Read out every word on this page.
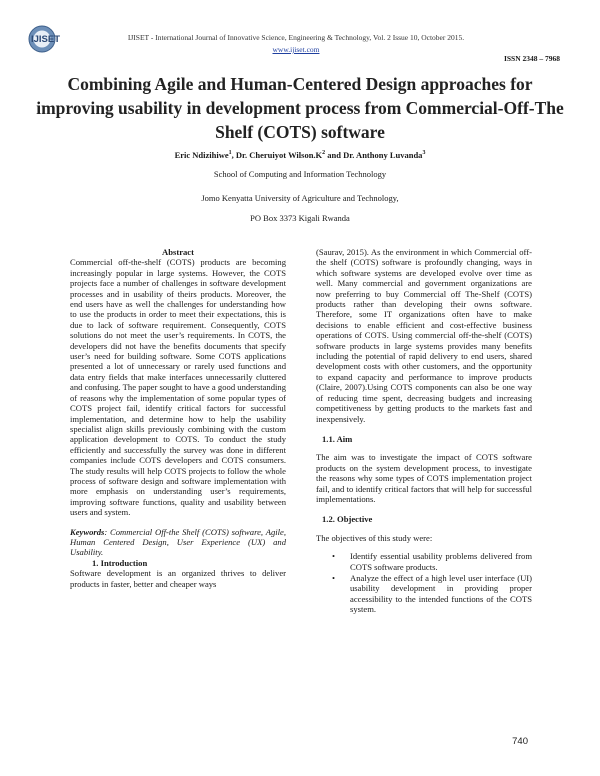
IJISET	IJISET - International Journal of Innovative Science, Engineering & Technology, Vol. 2 Issue 10, October 2015.
www.ijiset.com
ISSN 2348 – 7968
Combining Agile and Human-Centered Design approaches for improving usability in development process from Commercial-Off-The Shelf (COTS) software
Eric Ndizihiwe$^1$, Dr. Cheruiyot $Wilson.K^2$ and Dr. Anthony Luvanda$^3$
School of Computing and Information Technology
Jomo Kenyatta University of Agriculture and Technology,
PO Box 3373 Kigali Rwanda

Abstract

Commercial off-the-shelf (COTS) products are becoming increasingly popular in large systems. However, the COTS projects face a number of challenges in software development processes and in usability of theirs products. Moreover, the end users have as well the challenges for understanding how to use the products in order to meet their expectations, this is due to lack of software requirement. Consequently, COTS solutions do not meet the user’s requirements. In COTS, the developers did not have the benefits documents that specify user’s need for building software. Some COTS applications presented a lot of unnecessary or rarely used functions and data entry fields that make interfaces unnecessarily cluttered and confusing. The paper sought to have a good understanding of reasons why the implementation of some popular types of COTS project fail, identify critical factors for successful implementation, and determine how to help the usability specialist align skills previously combining with the custom application development to COTS. To conduct the study efficiently and successfully the survey was done in different companies include COTS developers and COTS consumers. The study results will help COTS projects to follow the whole process of software design and software implementation with more emphasis on understanding user’s requirements, improving software functions, quality and usability between users and system.

Keywords: Commercial Off-the Shelf (COTS) software, Agile, Human Centered Design, User Experience (UX) and Usability.

1. Introduction

Software development is an organized thrives to deliver products in faster, better and cheaper ways

(Saurav, 2015). As the environment in which Commercial off-the shelf (COTS) software is profoundly changing, ways in which software systems are developed evolve over time as well. Many commercial and government organizations are now preferring to buy Commercial off The-Shelf (COTS) products rather than developing their owns software. Therefore, some IT organizations often have to make decisions to enable efficient and cost-effective business operations of COTS. Using commercial off-the-shelf (COTS) software products in large systems provides many benefits including the potential of rapid delivery to end users, shared development costs with other customers, and the opportunity to expand capacity and performance to improve products (Claire, 2007).Using COTS components can also be one way of reducing time spent, decreasing budgets and increasing competitiveness by getting products to the markets fast and inexpensively.

1.1. Aim

The aim was to investigate the impact of COTS software products on the system development process, to investigate the reasons why some types of COTS implementation project fail, and to identify critical factors that will help for successful implementations.

1.2. Objective

The objectives of this study were:

• Identify essential usability problems delivered from COTS software products.
• Analyze the effect of a high level user interface (UI) usability development in providing proper accessibility to the intended functions of the COTS system.
740
